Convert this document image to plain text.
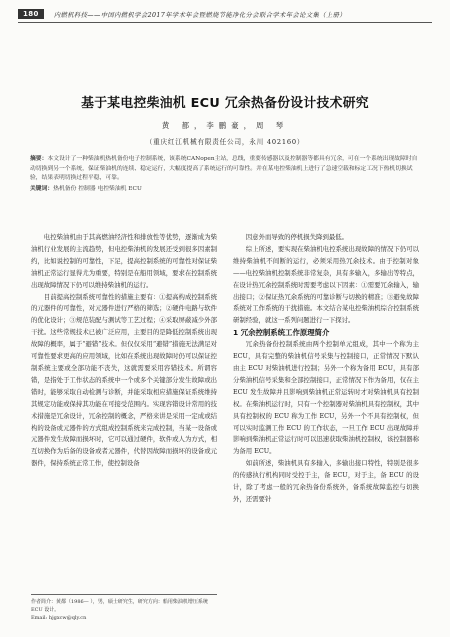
180	内燃机科技——中国内燃机学会2017年学术年会暨燃烧节能净化分会联合学术年会论文集（上册）
基于某电控柴油机 ECU 冗余热备份设计技术研究
黄 都，李鹏豪，周 琴
（重庆红江机械有限责任公司，永川 402160）
摘要：本文设计了一种柴油机热机备份电子控制系统，该系统CANopen主站，总线，重要传感器以及控制器等都具有冗余，可在一个系统出现故障时自动切换到另一个系统，保证柴油机的连续、稳定运行，大幅度提高了系统运行的可靠性。并在某电控柴油机上进行了急速空载和标定工况下热机切换试验，结果表明切换过程平稳，可靠。
关键词：热机备份 控制器 电控柴油机 ECU

电控柴油机由于其高燃油经济性和排放性等优势，逐渐成为柴油机行业发展的主流趋势，但电控柴油机的发展还受到很多因素制约，比如说控制的可靠性，下足，提高控制系统的可靠性对保证柴油机正常运行显得尤为重要，特别是在船用领域，要求在控制系统出现故障情况下仍可以维持柴油机的运行。

目前提高控制系统可靠性的措施主要有：①提高构成控制系统的元器件的可靠性，对元器件进行严格的筛选；②硬件电路与软件的优化设计；③规范装配与测试等工艺过程；④采取屏蔽减少外部干扰。这些常规技术已被广泛应用，主要目的是降低控制系统出现故障的概率，属于“避错”技术。但仅仅采用“避错”措施无法满足对可靠性要求更高的应用领域，比如在系统出现故障时仍可以保证控制系统主要或全部功能不丧失，这就需要采用容错技术。所谓容错，是指处于工作状态的系统中一个或多个关键部分发生故障或出错时，能够采取自动检测与诊断，并能采取相应措施保证系统维持其规定功能或保持其功能在可接受范围内。实现容错设计常用的技术措施是冗余设计，冗余控制的概念，严格来讲是采用一定成或结构的设备或元器件的方式组成控制系统来完成控制，当某一设备或元器件发生故障而损坏时，它可以通过硬件，软件或人为方式，相互切换作为后备的设备或者元器件，代替因故障而损坏的设备或元器件，保持系统正常工作，使控制设备

因意外而导致的停机损失降到最低。

综上所述，要实现在柴油机电控系统出现故障的情况下仍可以维持柴油机不间断的运行，必须采用热冗余技术。由于控制对象——电控柴油机控制系统非常复杂，具有多输入，多输出等特点，在设计热冗余控制系统时需要考虑以下因素：①需要冗余输入，输出接口；②保证热冗余系统的可靠诊断与切换的精准；③避免故障系统对工作系统的干扰措施。本文结合某电控柴油机综合控制系统研制经验，就这一系列问题进行一下探讨。

1 冗余控制系统工作原理简介

冗余热备份控制系统由两个控制单元组成，其中一个称为主 ECU，具有完整的柴油机信号采集与控制接口，正常情况下默认由主 ECU 对柴油机进行控制；另外一个称为备用 ECU，具有部分柴油机信号采集和全部控制接口，正常情况下作为备用，仅在主 ECU 发生故障并且影响到柴油机正常运转时才对柴油机具有控制权。在柴油机运行时，只有一个控制器对柴油机具有控制权，其中具有控制权的 ECU 称为工作 ECU，另外一个不具有控制权，但可以实时监测工作 ECU 的工作状态，一旦工作 ECU 出现故障并影响到柴油机正常运行时可以迅速获取柴油机控制权，该控制器称为备用 ECU。

如前所述，柴油机具有多输入，多输出接口特性，特别是很多的传感执行机构同时受控于主，备 ECU，对于主，备 ECU 的设计，除了考虑一般的冗余热备份系统外，备系统故障监控与切换外，还需要针

作者简介：黄都（1986— ），男，硕士研究生，研究方向：船用柴油机增压系统 ECU 设计。
Email: hjgxcw@qly.cn
